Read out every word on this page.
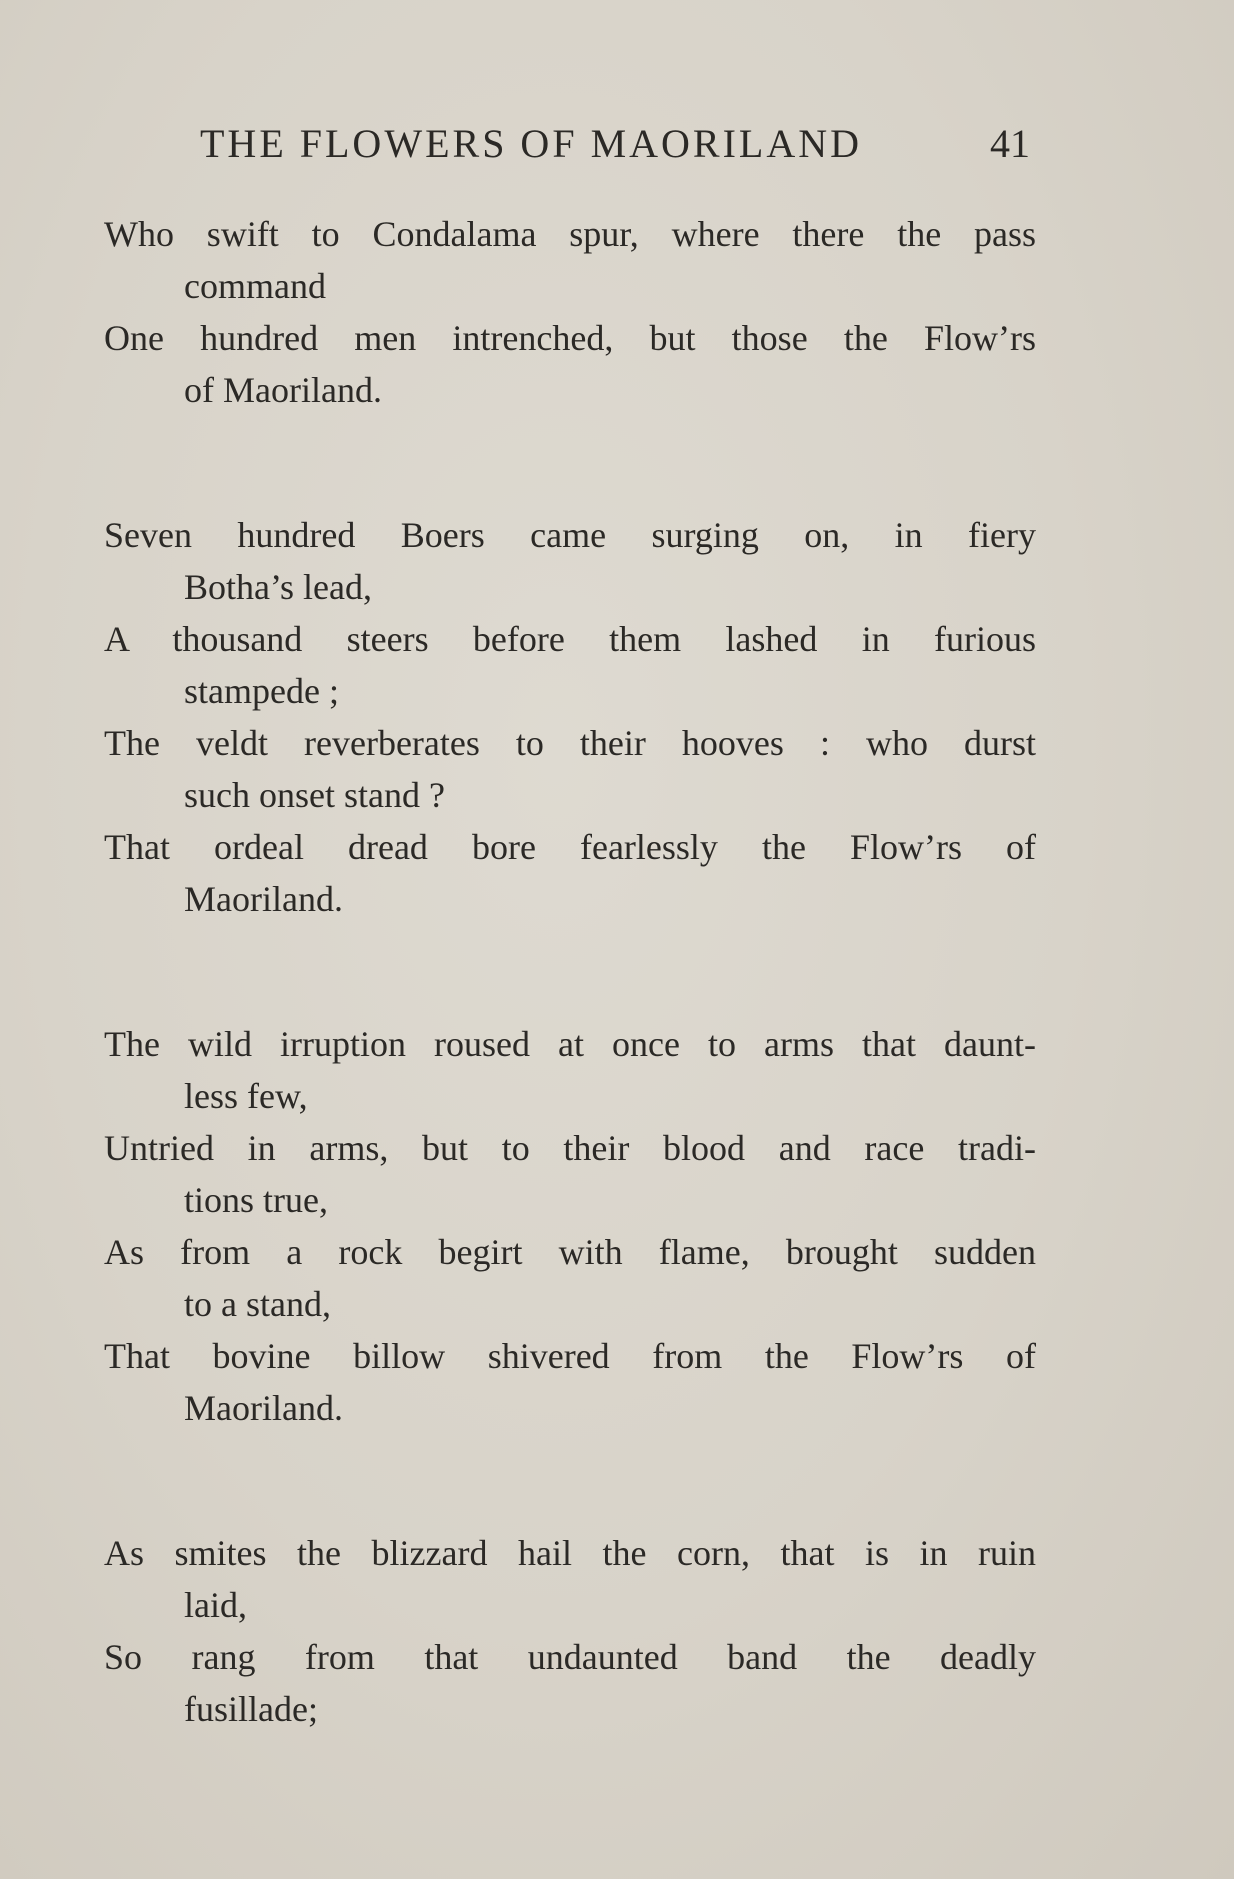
THE FLOWERS OF MAORILAND	41
Who swift to Condalama spur, where there the pass
command
One hundred men intrenched, but those the Flow’rs
of Maoriland.
Seven hundred Boers came surging on, in fiery
Botha’s lead,
A thousand steers before them lashed in furious
stampede ;
The veldt reverberates to their hooves : who durst
such onset stand ?
That ordeal dread bore fearlessly the Flow’rs of
Maoriland.
The wild irruption roused at once to arms that daunt-
less few,
Untried in arms, but to their blood and race tradi-
tions true,
As from a rock begirt with flame, brought sudden
to a stand,
That bovine billow shivered from the Flow’rs of
Maoriland.
As smites the blizzard hail the corn, that is in ruin
laid,
So rang from that undaunted band the deadly
fusillade;
